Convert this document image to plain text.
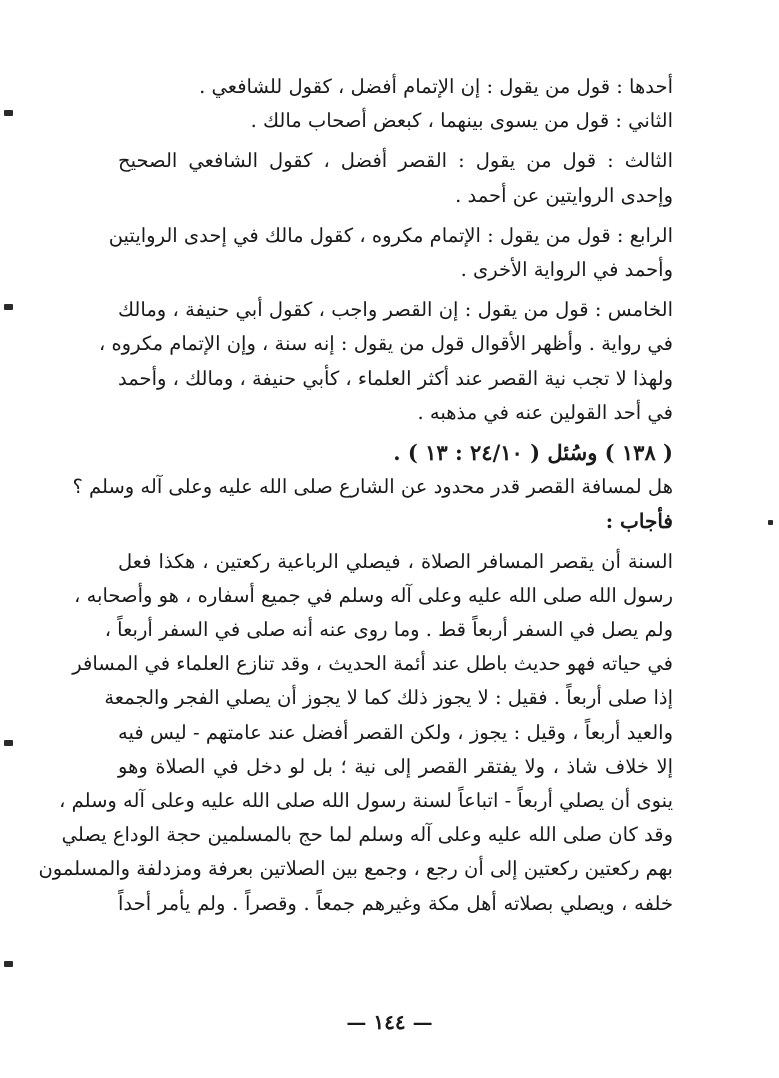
أحدها : قول من يقول : إن الإتمام أفضل ، كقول للشافعي .
الثاني : قول من يسوى بينهما ، كبعض أصحاب مالك .
الثالث : قول من يقول : القصر أفضل ، كقول الشافعي الصحيح
وإحدى الروايتين عن أحمد .
الرابع : قول من يقول : الإتمام مكروه ، كقول مالك في إحدى الروايتين
وأحمد في الرواية الأخرى .
الخامس : قول من يقول : إن القصر واجب ، كقول أبي حنيفة ، ومالك
في رواية . وأظهر الأقوال قول من يقول : إنه سنة ، وإن الإتمام مكروه ،
ولهذا لا تجب نية القصر عند أكثر العلماء ، كأبي حنيفة ، ومالك ، وأحمد
في أحد القولين عنه في مذهبه .
( ١٣٨ ) وسُئل ( ٢٤/١٠ : ١٣ ) .
هل لمسافة القصر قدر محدود عن الشارع صلى الله عليه وعلى آله وسلم ؟
فأجاب :
السنة أن يقصر المسافر الصلاة ، فيصلي الرباعية ركعتين ، هكذا فعل
رسول الله صلى الله عليه وعلى آله وسلم في جميع أسفاره ، هو وأصحابه ،
ولم يصل في السفر أربعاً قط . وما روى عنه أنه صلى في السفر أربعاً ،
في حياته فهو حديث باطل عند أئمة الحديث ، وقد تنازع العلماء في المسافر
إذا صلى أربعاً . فقيل : لا يجوز ذلك كما لا يجوز أن يصلي الفجر والجمعة
والعيد أربعاً ، وقيل : يجوز ، ولكن القصر أفضل عند عامتهم - ليس فيه
إلا خلاف شاذ ، ولا يفتقر القصر إلى نية ؛ بل لو دخل في الصلاة وهو
ينوى أن يصلي أربعاً - اتباعاً لسنة رسول الله صلى الله عليه وعلى آله وسلم ،
وقد كان صلى الله عليه وعلى آله وسلم لما حج بالمسلمين حجة الوداع يصلي
بهم ركعتين ركعتين إلى أن رجع ، وجمع بين الصلاتين بعرفة ومزدلفة والمسلمون
خلفه ، ويصلي بصلاته أهل مكة وغيرهم جمعاً . وقصراً . ولم يأمر أحداً
— ١٤٤ —
